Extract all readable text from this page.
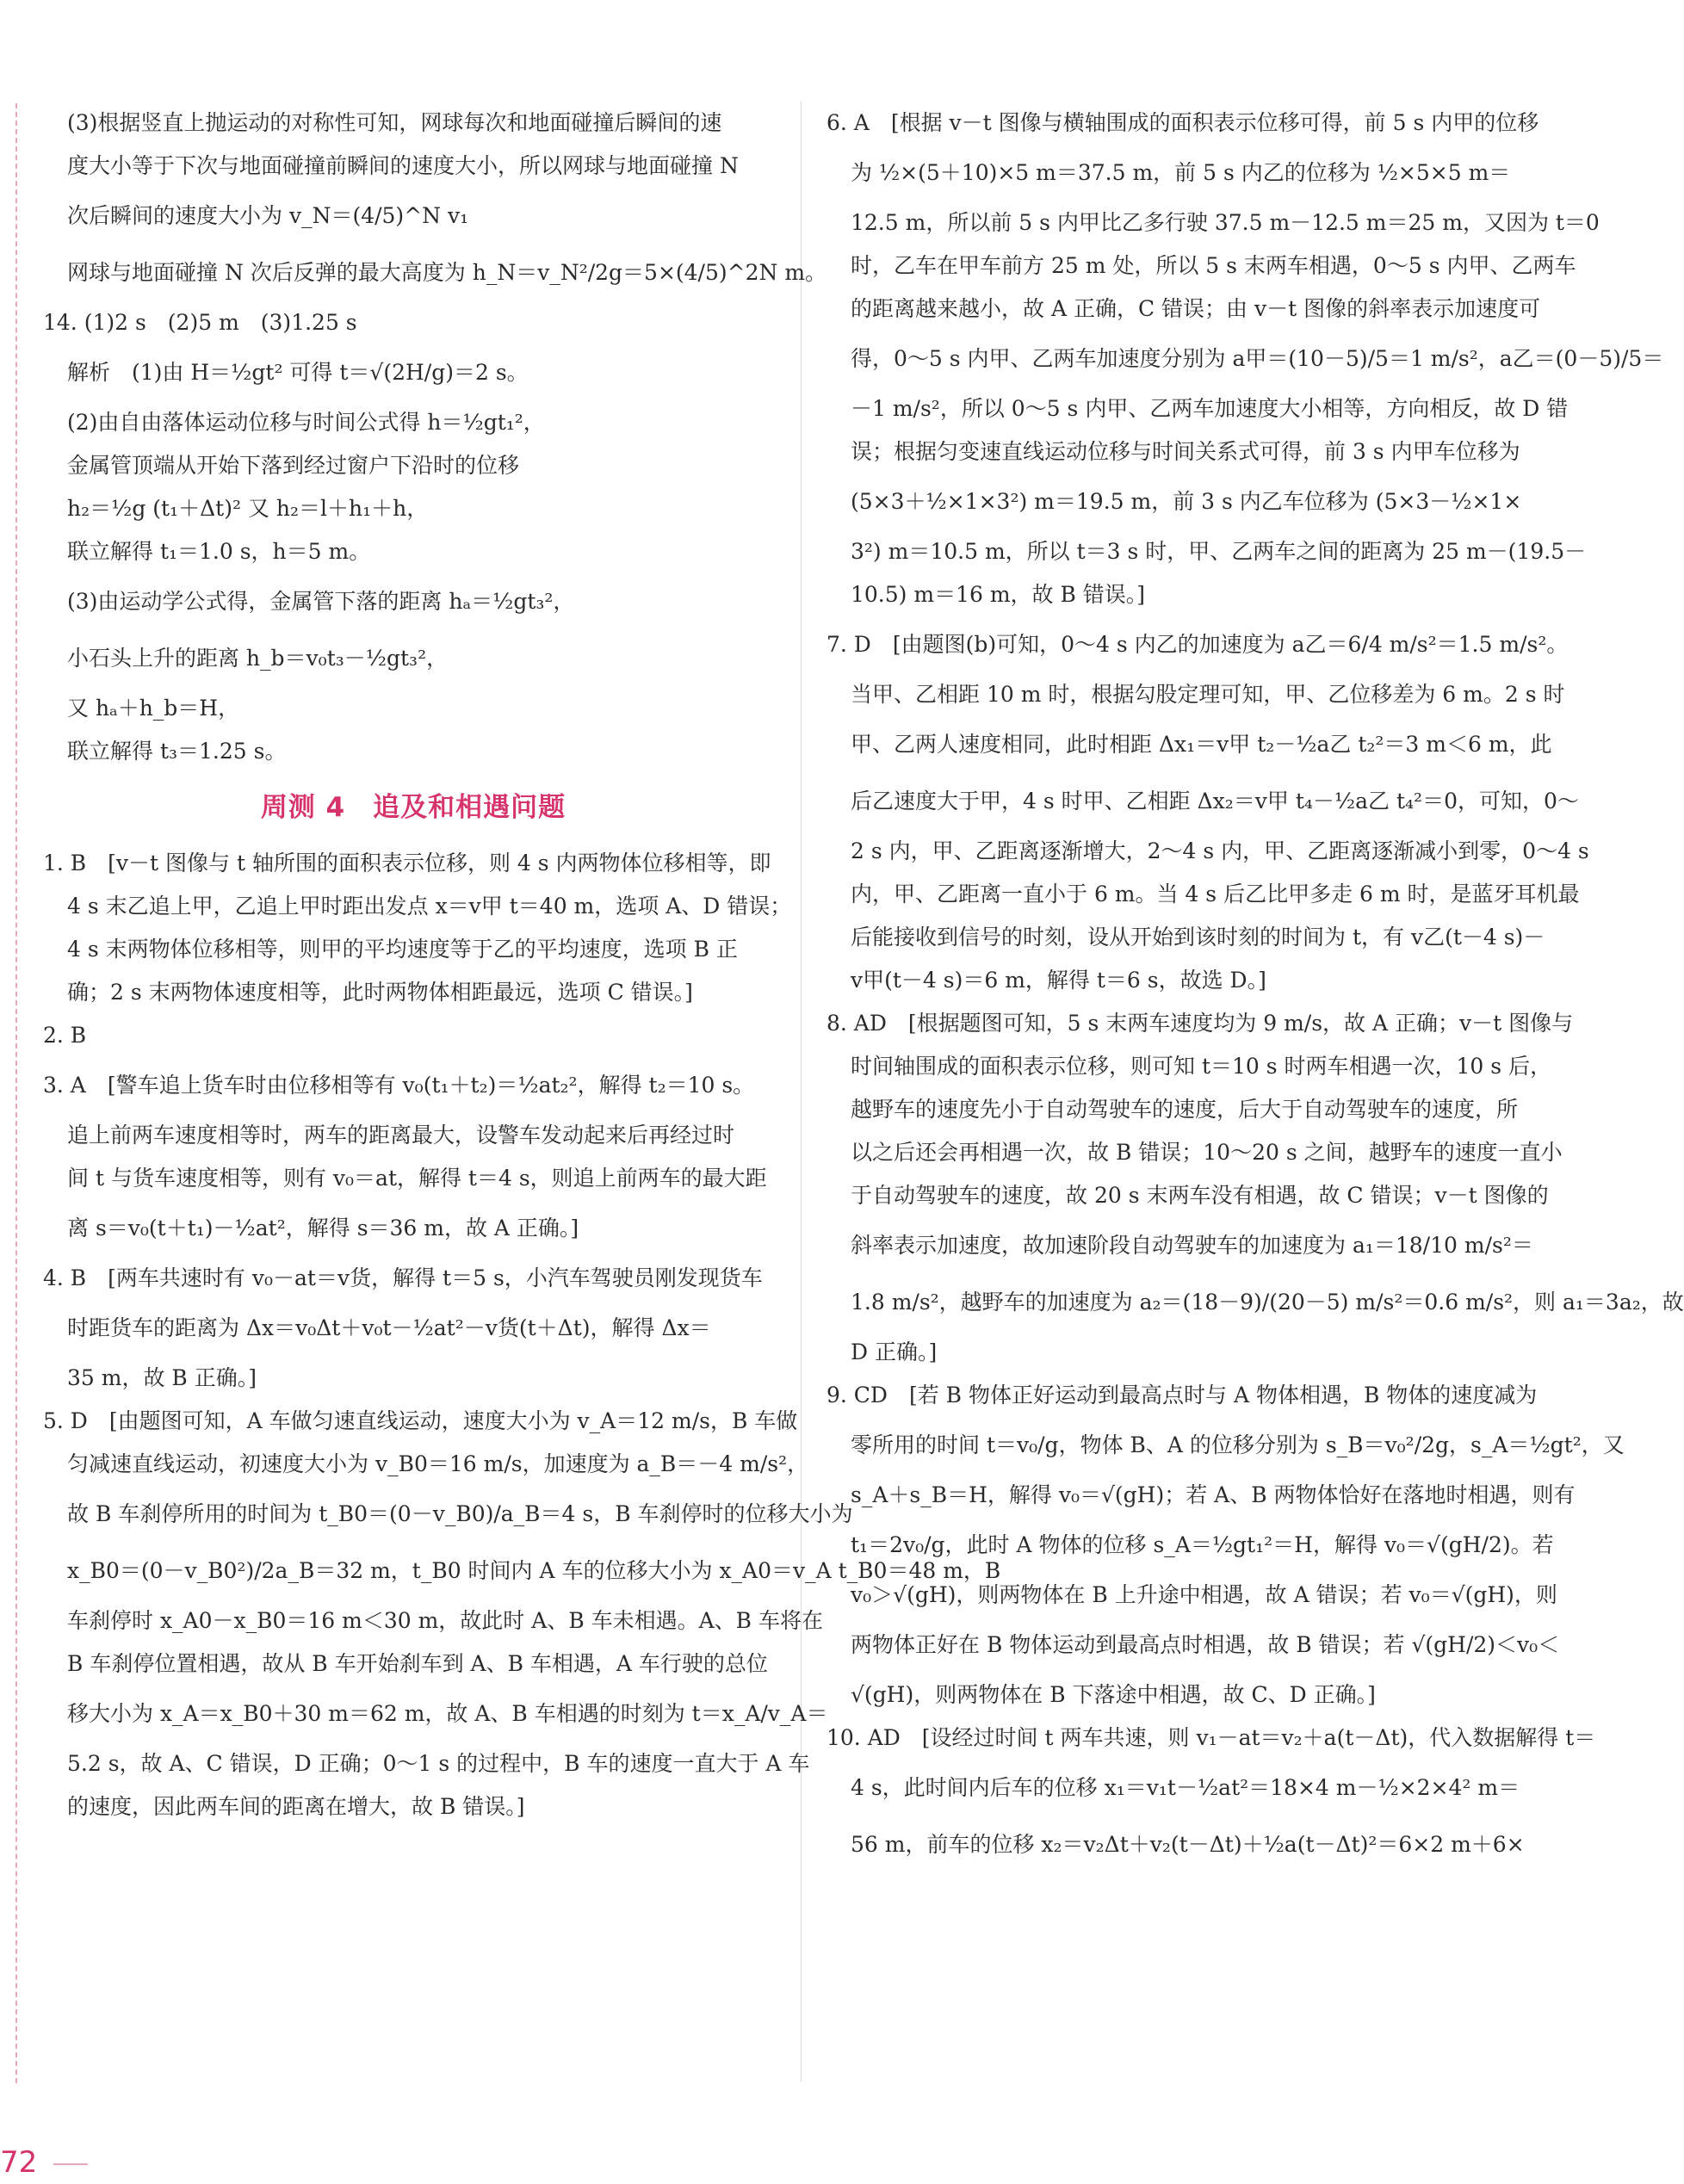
(3)根据竖直上抛运动的对称性可知，网球每次和地面碰撞后瞬间的速
度大小等于下次与地面碰撞前瞬间的速度大小，所以网球与地面碰撞 N
次后瞬间的速度大小为 v_N＝(4/5)^N v₁
网球与地面碰撞 N 次后反弹的最大高度为 h_N＝v_N²/2g＝5×(4/5)^2N m。
14. (1)2 s　(2)5 m　(3)1.25 s
解析　(1)由 H＝½gt² 可得 t＝√(2H/g)＝2 s。
(2)由自由落体运动位移与时间公式得 h＝½gt₁²，
金属管顶端从开始下落到经过窗户下沿时的位移
h₂＝½g (t₁＋Δt)² 又 h₂＝l＋h₁＋h，
联立解得 t₁＝1.0 s，h＝5 m。
(3)由运动学公式得，金属管下落的距离 hₐ＝½gt₃²，
小石头上升的距离 h_b＝v₀t₃－½gt₃²，
又 hₐ＋h_b＝H，
联立解得 t₃＝1.25 s。
周测 4　追及和相遇问题
1. B　[v－t 图像与 t 轴所围的面积表示位移，则 4 s 内两物体位移相等，即
4 s 末乙追上甲，乙追上甲时距出发点 x＝v甲 t＝40 m，选项 A、D 错误；
4 s 末两物体位移相等，则甲的平均速度等于乙的平均速度，选项 B 正
确；2 s 末两物体速度相等，此时两物体相距最远，选项 C 错误。]
2. B
3. A　[警车追上货车时由位移相等有 v₀(t₁＋t₂)＝½at₂²，解得 t₂＝10 s。
追上前两车速度相等时，两车的距离最大，设警车发动起来后再经过时
间 t 与货车速度相等，则有 v₀＝at，解得 t＝4 s，则追上前两车的最大距
离 s＝v₀(t＋t₁)－½at²，解得 s＝36 m，故 A 正确。]
4. B　[两车共速时有 v₀－at＝v货，解得 t＝5 s，小汽车驾驶员刚发现货车
时距货车的距离为 Δx＝v₀Δt＋v₀t－½at²－v货(t＋Δt)，解得 Δx＝
35 m，故 B 正确。]
5. D　[由题图可知，A 车做匀速直线运动，速度大小为 v_A＝12 m/s，B 车做
匀减速直线运动，初速度大小为 v_B0＝16 m/s，加速度为 a_B＝－4 m/s²，
故 B 车刹停所用的时间为 t_B0＝(0－v_B0)/a_B＝4 s，B 车刹停时的位移大小为
x_B0＝(0－v_B0²)/2a_B＝32 m，t_B0 时间内 A 车的位移大小为 x_A0＝v_A t_B0＝48 m，B
车刹停时 x_A0－x_B0＝16 m＜30 m，故此时 A、B 车未相遇。A、B 车将在
B 车刹停位置相遇，故从 B 车开始刹车到 A、B 车相遇，A 车行驶的总位
移大小为 x_A＝x_B0＋30 m＝62 m，故 A、B 车相遇的时刻为 t＝x_A/v_A＝
5.2 s，故 A、C 错误，D 正确；0～1 s 的过程中，B 车的速度一直大于 A 车
的速度，因此两车间的距离在增大，故 B 错误。]
6. A　[根据 v－t 图像与横轴围成的面积表示位移可得，前 5 s 内甲的位移
为 ½×(5＋10)×5 m＝37.5 m，前 5 s 内乙的位移为 ½×5×5 m＝
12.5 m，所以前 5 s 内甲比乙多行驶 37.5 m－12.5 m＝25 m，又因为 t＝0
时，乙车在甲车前方 25 m 处，所以 5 s 末两车相遇，0～5 s 内甲、乙两车
的距离越来越小，故 A 正确，C 错误；由 v－t 图像的斜率表示加速度可
得，0～5 s 内甲、乙两车加速度分别为 a甲＝(10－5)/5＝1 m/s²，a乙＝(0－5)/5＝
－1 m/s²，所以 0～5 s 内甲、乙两车加速度大小相等，方向相反，故 D 错
误；根据匀变速直线运动位移与时间关系式可得，前 3 s 内甲车位移为
(5×3＋½×1×3²) m＝19.5 m，前 3 s 内乙车位移为 (5×3－½×1×
3²) m＝10.5 m，所以 t＝3 s 时，甲、乙两车之间的距离为 25 m－(19.5－
10.5) m＝16 m，故 B 错误。]
7. D　[由题图(b)可知，0～4 s 内乙的加速度为 a乙＝6/4 m/s²＝1.5 m/s²。
当甲、乙相距 10 m 时，根据勾股定理可知，甲、乙位移差为 6 m。2 s 时
甲、乙两人速度相同，此时相距 Δx₁＝v甲 t₂－½a乙 t₂²＝3 m＜6 m，此
后乙速度大于甲，4 s 时甲、乙相距 Δx₂＝v甲 t₄－½a乙 t₄²＝0，可知，0～
2 s 内，甲、乙距离逐渐增大，2～4 s 内，甲、乙距离逐渐减小到零，0～4 s
内，甲、乙距离一直小于 6 m。当 4 s 后乙比甲多走 6 m 时，是蓝牙耳机最
后能接收到信号的时刻，设从开始到该时刻的时间为 t，有 v乙(t－4 s)－
v甲(t－4 s)＝6 m，解得 t＝6 s，故选 D。]
8. AD　[根据题图可知，5 s 末两车速度均为 9 m/s，故 A 正确；v－t 图像与
时间轴围成的面积表示位移，则可知 t＝10 s 时两车相遇一次，10 s 后，
越野车的速度先小于自动驾驶车的速度，后大于自动驾驶车的速度，所
以之后还会再相遇一次，故 B 错误；10～20 s 之间，越野车的速度一直小
于自动驾驶车的速度，故 20 s 末两车没有相遇，故 C 错误；v－t 图像的
斜率表示加速度，故加速阶段自动驾驶车的加速度为 a₁＝18/10 m/s²＝
1.8 m/s²，越野车的加速度为 a₂＝(18－9)/(20－5) m/s²＝0.6 m/s²，则 a₁＝3a₂，故
D 正确。]
9. CD　[若 B 物体正好运动到最高点时与 A 物体相遇，B 物体的速度减为
零所用的时间 t＝v₀/g，物体 B、A 的位移分别为 s_B＝v₀²/2g，s_A＝½gt²，又
s_A＋s_B＝H，解得 v₀＝√(gH)；若 A、B 两物体恰好在落地时相遇，则有
t₁＝2v₀/g，此时 A 物体的位移 s_A＝½gt₁²＝H，解得 v₀＝√(gH/2)。若
v₀＞√(gH)，则两物体在 B 上升途中相遇，故 A 错误；若 v₀＝√(gH)，则
两物体正好在 B 物体运动到最高点时相遇，故 B 错误；若 √(gH/2)＜v₀＜
√(gH)，则两物体在 B 下落途中相遇，故 C、D 正确。]
10. AD　[设经过时间 t 两车共速，则 v₁－at＝v₂＋a(t－Δt)，代入数据解得 t＝
4 s，此时间内后车的位移 x₁＝v₁t－½at²＝18×4 m－½×2×4² m＝
56 m，前车的位移 x₂＝v₂Δt＋v₂(t－Δt)＋½a(t－Δt)²＝6×2 m＋6×
72
